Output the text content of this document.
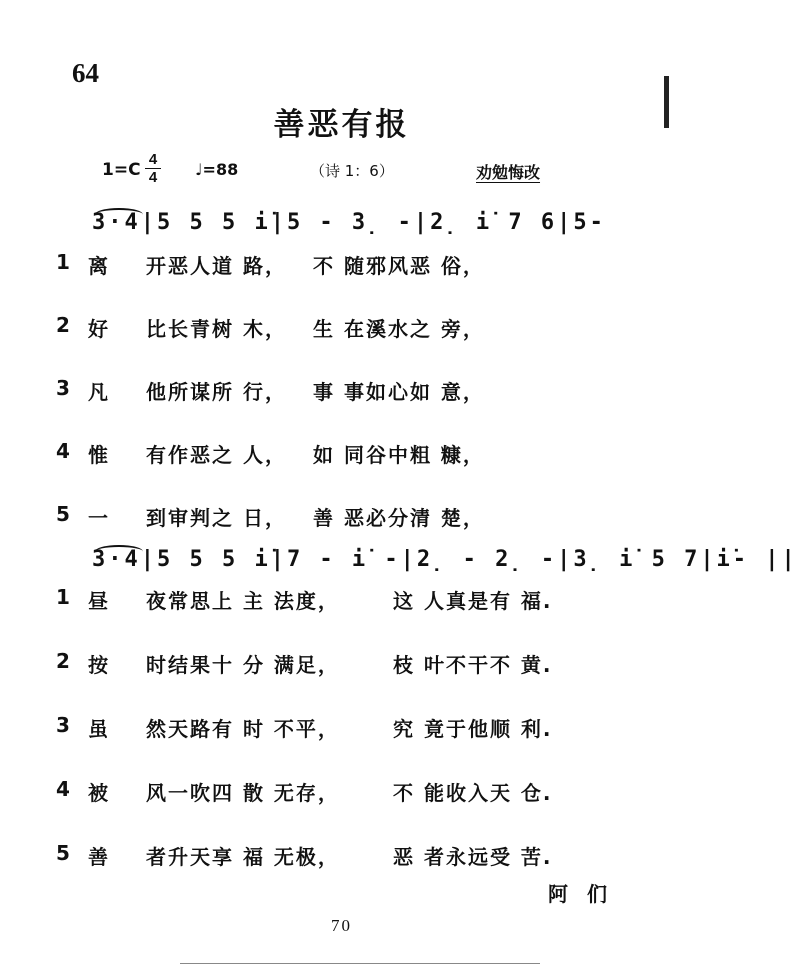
64
善恶有报
1=C
4
4 ♩=88	（诗 1：6）	劝勉悔改
3·4|5 5 5 i̇|5 - 3̣ -|2̣ i̇ 7 6|5-
1 离 开恶人道 路， 不 随邪风恶 俗，
2 好 比长青树 木， 生 在溪水之 旁，
3 凡 他所谋所 行， 事 事如心如 意，
4 惟 有作恶之 人， 如 同谷中粗 糠，
5 一 到审判之 日， 善 恶必分清 楚，
3·4|5 5 5 i̇|7 - i̇ -|2̣ - 2̣ -|3̣ i̇ 5 7|i̇- ||
1 昼 夜常思上 主 法度，	这 人真是有 福.
2 按 时结果十 分 满足，	枝 叶不干不 黄.
3 虽 然天路有 时 不平，	究 竟于他顺 利.
4 被 风一吹四 散 无存，	不 能收入天 仓.
5 善 者升天享 福 无极，	恶 者永远受 苦.
阿 们
70
